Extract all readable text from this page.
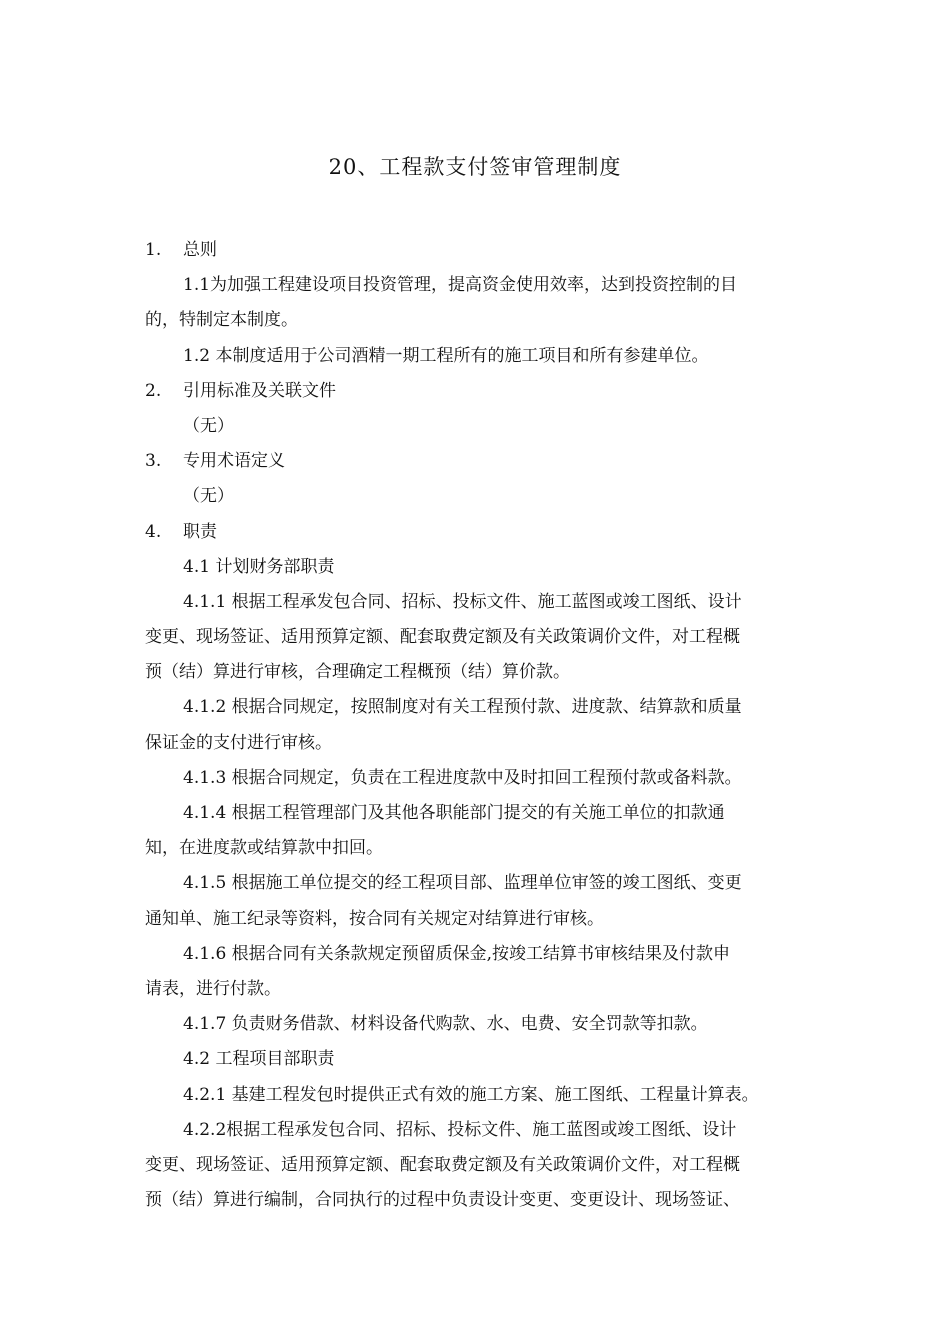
20、工程款支付签审管理制度
1. 总则
1.1为加强工程建设项目投资管理，提高资金使用效率，达到投资控制的目
的，特制定本制度。
1.2 本制度适用于公司酒精一期工程所有的施工项目和所有参建单位。
2. 引用标准及关联文件
（无）
3. 专用术语定义
（无）
4. 职责
4.1 计划财务部职责
4.1.1 根据工程承发包合同、招标、投标文件、施工蓝图或竣工图纸、设计
变更、现场签证、适用预算定额、配套取费定额及有关政策调价文件，对工程概
预（结）算进行审核，合理确定工程概预（结）算价款。
4.1.2 根据合同规定，按照制度对有关工程预付款、进度款、结算款和质量
保证金的支付进行审核。
4.1.3 根据合同规定，负责在工程进度款中及时扣回工程预付款或备料款。
4.1.4 根据工程管理部门及其他各职能部门提交的有关施工单位的扣款通
知，在进度款或结算款中扣回。
4.1.5 根据施工单位提交的经工程项目部、监理单位审签的竣工图纸、变更
通知单、施工纪录等资料，按合同有关规定对结算进行审核。
4.1.6 根据合同有关条款规定预留质保金,按竣工结算书审核结果及付款申
请表，进行付款。
4.1.7 负责财务借款、材料设备代购款、水、电费、安全罚款等扣款。
4.2 工程项目部职责
4.2.1 基建工程发包时提供正式有效的施工方案、施工图纸、工程量计算表。
4.2.2根据工程承发包合同、招标、投标文件、施工蓝图或竣工图纸、设计
变更、现场签证、适用预算定额、配套取费定额及有关政策调价文件，对工程概
预（结）算进行编制，合同执行的过程中负责设计变更、变更设计、现场签证、
